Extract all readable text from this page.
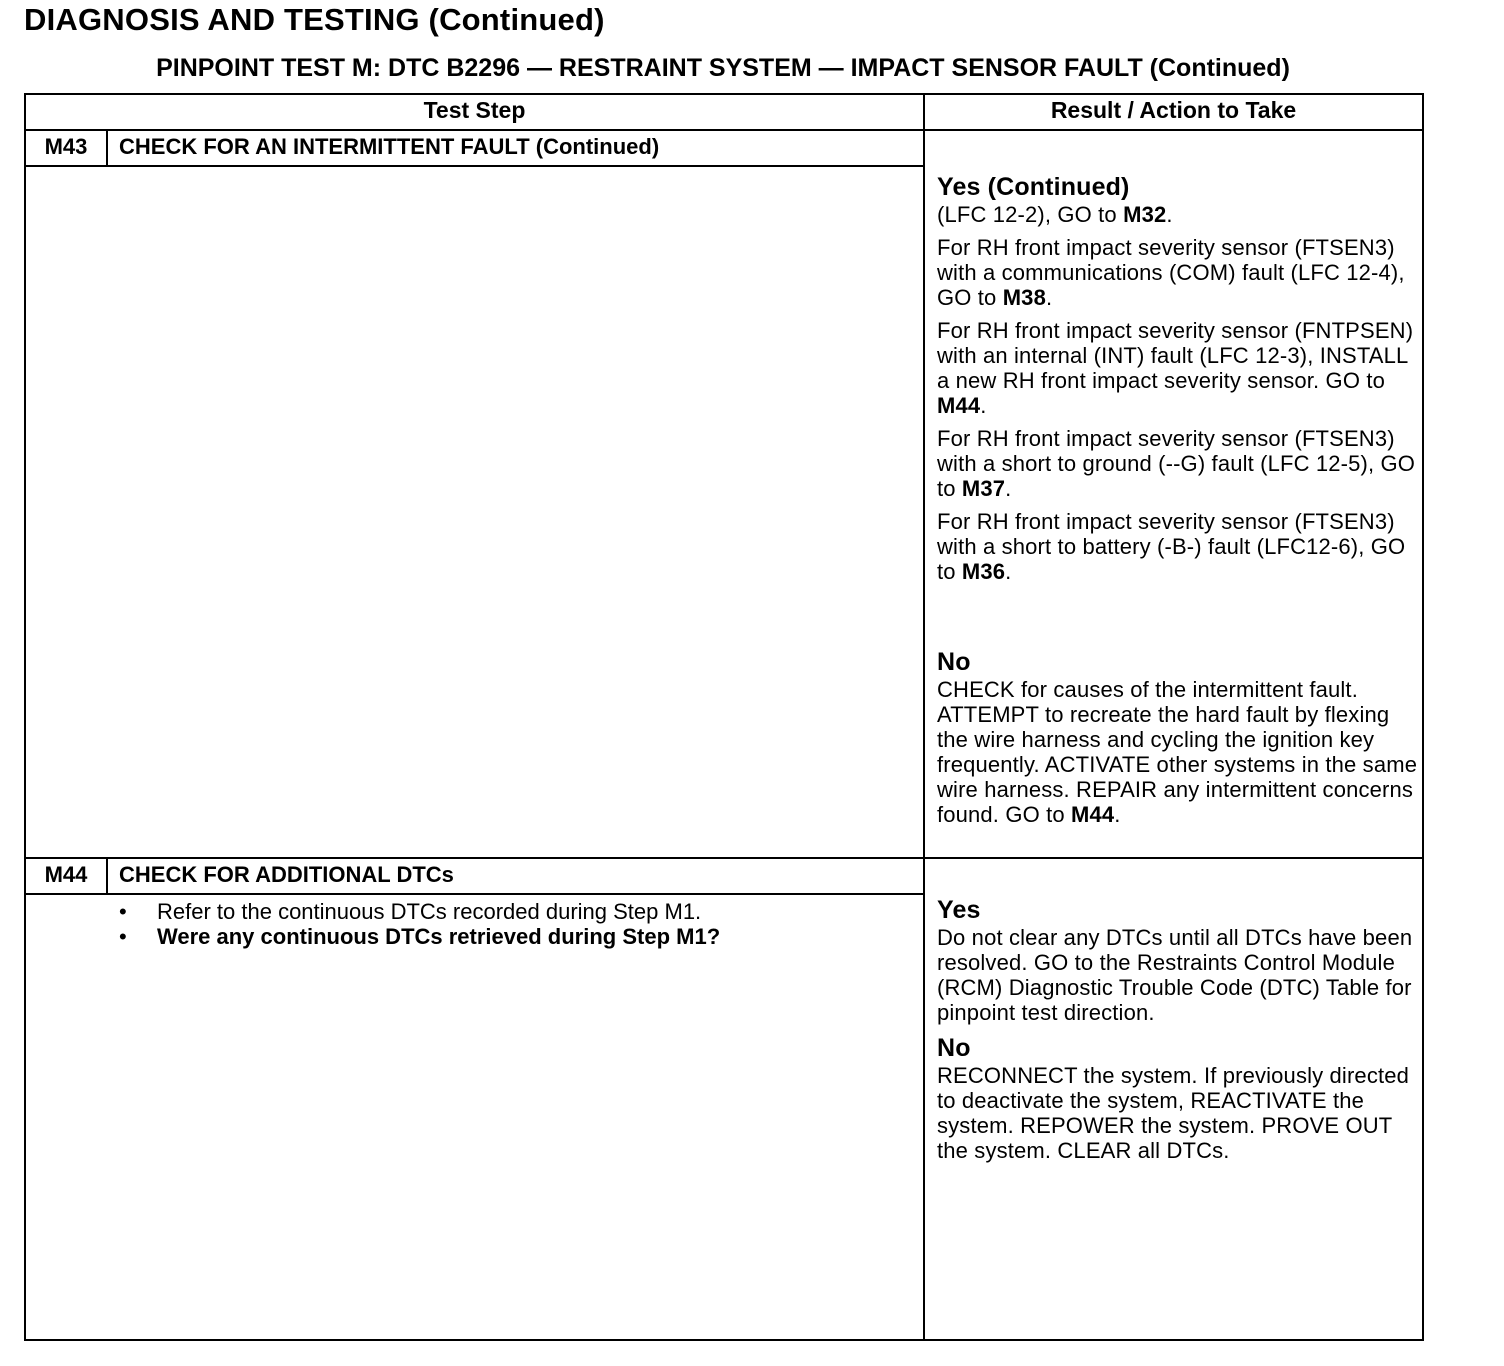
DIAGNOSIS AND TESTING (Continued)
PINPOINT TEST M: DTC B2296 — RESTRAINT SYSTEM — IMPACT SENSOR FAULT (Continued)
Test Step	Result / Action to Take
M43	CHECK FOR AN INTERMITTENT FAULT (Continued)
Yes (Continued)

(LFC 12-2), GO to M32.

For RH front impact severity sensor (FTSEN3) with a communications (COM) fault (LFC 12-4), GO to M38.

For RH front impact severity sensor (FNTPSEN) with an internal (INT) fault (LFC 12-3), INSTALL a new RH front impact severity sensor. GO to M44.

For RH front impact severity sensor (FTSEN3) with a short to ground (--G) fault (LFC 12-5), GO to M37.

For RH front impact severity sensor (FTSEN3) with a short to battery (-B-) fault (LFC12-6), GO to M36.

No

CHECK for causes of the intermittent fault. ATTEMPT to recreate the hard fault by flexing the wire harness and cycling the ignition key frequently. ACTIVATE other systems in the same wire harness. REPAIR any intermittent concerns found. GO to M44.

M44	CHECK FOR ADDITIONAL DTCs
• Refer to the continuous DTCs recorded during Step M1.
• Were any continuous DTCs retrieved during Step M1?
Yes

Do not clear any DTCs until all DTCs have been resolved. GO to the Restraints Control Module (RCM) Diagnostic Trouble Code (DTC) Table for pinpoint test direction.

No

RECONNECT the system. If previously directed to deactivate the system, REACTIVATE the system. REPOWER the system. PROVE OUT the system. CLEAR all DTCs.
